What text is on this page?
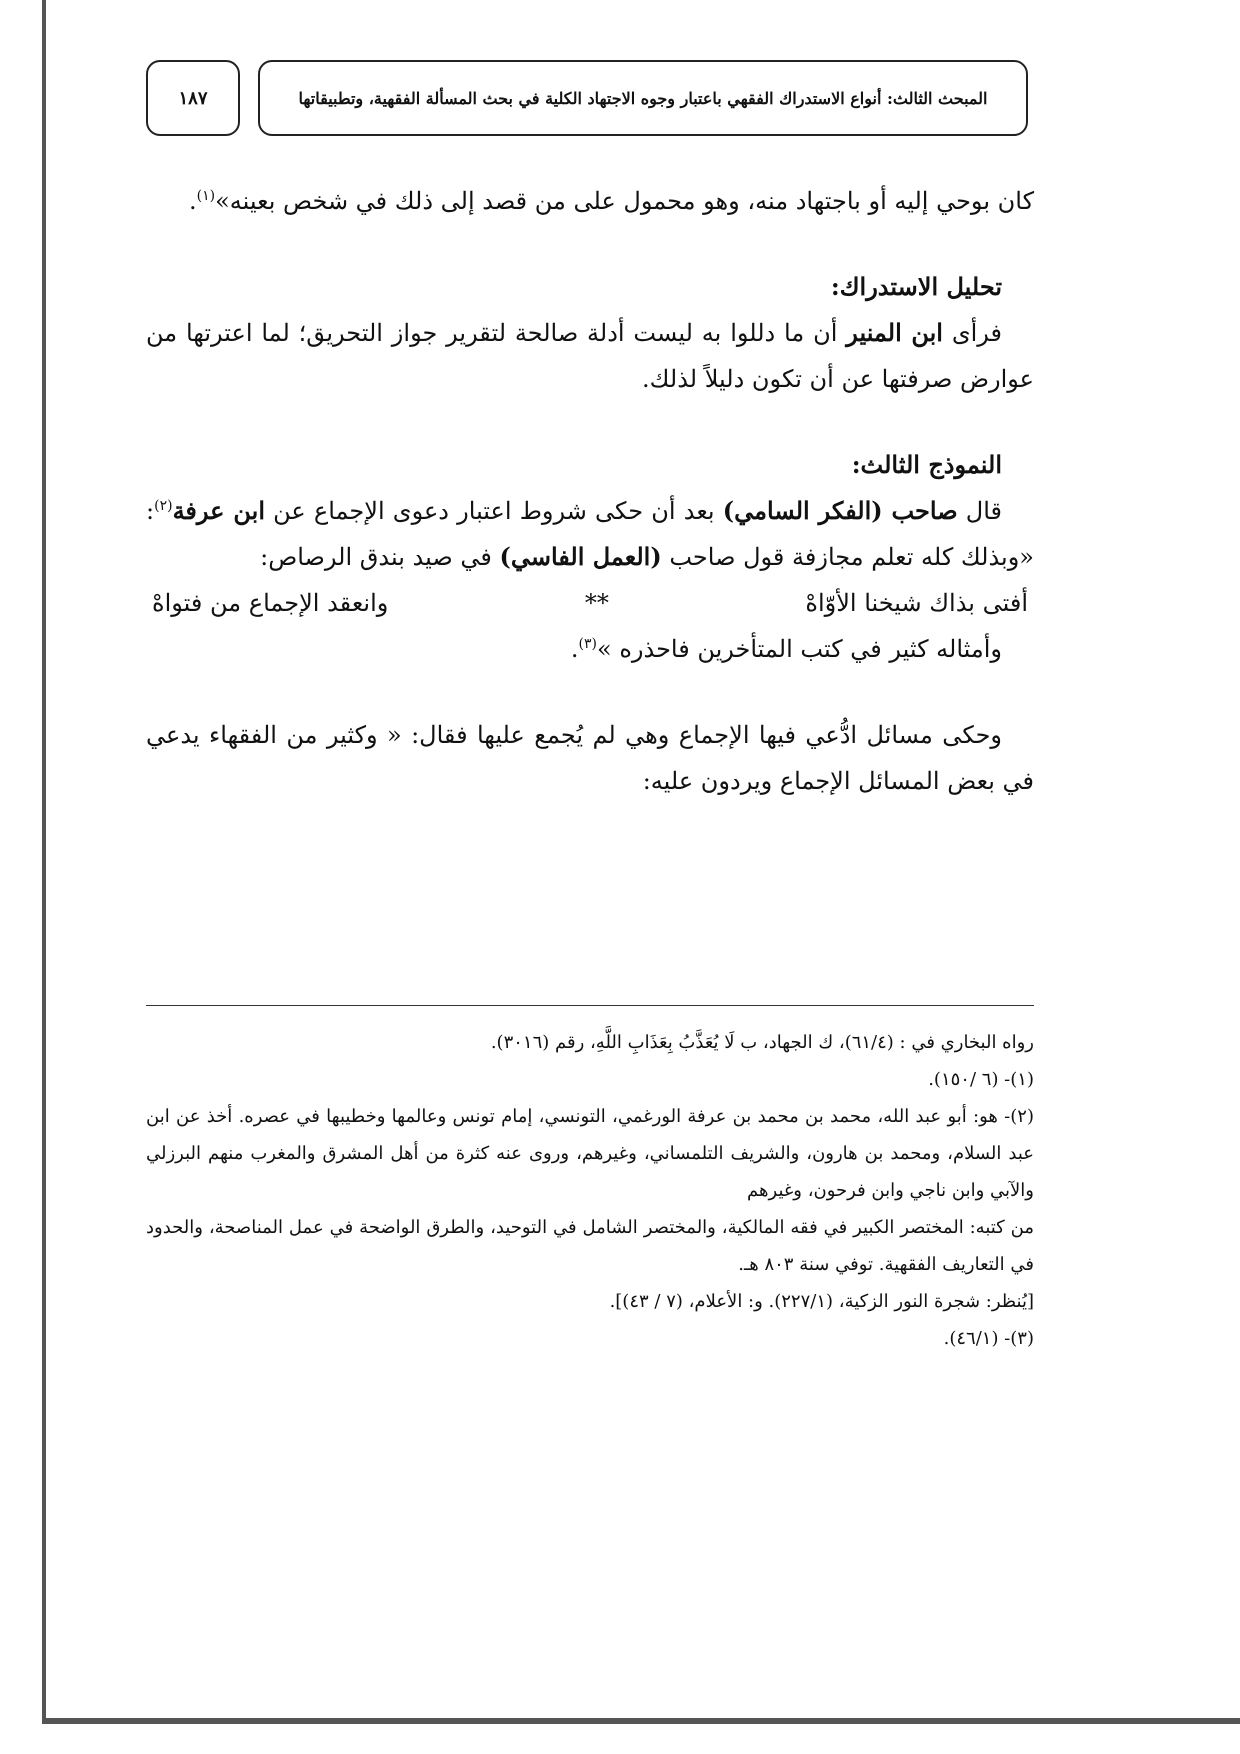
المبحث الثالث: أنواع الاستدراك الفقهي باعتبار وجوه الاجتهاد الكلية في بحث المسألة الفقهية، وتطبيقاتها
١٨٧

كان بوحي إليه أو باجتهاد منه، وهو محمول على من قصد إلى ذلك في شخص بعينه»$^{(١)}$.

تحليل الاستدراك:

فرأى ابن المنير أن ما دللوا به ليست أدلة صالحة لتقرير جواز التحريق؛ لما اعترتها من عوارض صرفتها عن أن تكون دليلاً لذلك.

النموذج الثالث:

قال صاحب (الفكر السامي) بعد أن حكى شروط اعتبار دعوى الإجماع عن ابن عرفة$^{(٢)}$: «وبذلك كله تعلم مجازفة قول صاحب (العمل الفاسي) في صيد بندق الرصاص:

أفتى بذاك شيخنا الأوّاهْ
**
وانعقد الإجماع من فتواهْ

وأمثاله كثير في كتب المتأخرين فاحذره »$^{(٣)}$.

وحكى مسائل ادُّعي فيها الإجماع وهي لم يُجمع عليها فقال: « وكثير من الفقهاء يدعي في بعض المسائل الإجماع ويردون عليه:

رواه البخاري في : (٦١/٤)، ك الجهاد، ب لَا يُعَذَّبُ بِعَذَابِ اللَّهِ، رقم (٣٠١٦).

(١)- (٦ /١٥٠).

(٢)- هو: أبو عبد الله، محمد بن محمد بن عرفة الورغمي، التونسي، إمام تونس وعالمها وخطيبها في عصره. أخذ عن ابن عبد السلام، ومحمد بن هارون، والشريف التلمساني، وغيرهم، وروى عنه كثرة من أهل المشرق والمغرب منهم البرزلي والآبي وابن ناجي وابن فرحون، وغيرهم

من كتبه: المختصر الكبير في فقه المالكية، والمختصر الشامل في التوحيد، والطرق الواضحة في عمل المناصحة، والحدود في التعاريف الفقهية. توفي سنة ٨٠٣ هـ.

[يُنظر: شجرة النور الزكية، (٢٢٧/١). و: الأعلام، (٧ / ٤٣)].

(٣)- (٤٦/١).
